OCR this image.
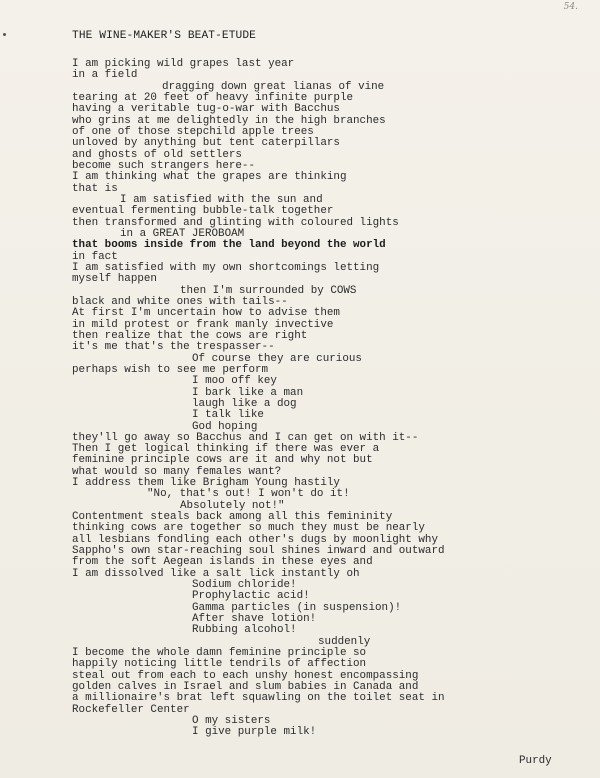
54.
THE WINE-MAKER'S BEAT-ETUDE
I am picking wild grapes last year
in a field
dragging down great lianas of vine
tearing at 20 feet of heavy infinite purple
having a veritable tug-o-war with Bacchus
who grins at me delightedly in the high branches
of one of those stepchild apple trees
unloved by anything but tent caterpillars
and ghosts of old settlers
become such strangers here--
I am thinking what the grapes are thinking
that is
I am satisfied with the sun and
eventual fermenting bubble-talk together
then transformed and glinting with coloured lights
in a GREAT JEROBOAM
that booms inside from the land beyond the world
in fact
I am satisfied with my own shortcomings letting
myself happen
then I'm surrounded by COWS
black and white ones with tails--
At first I'm uncertain how to advise them
in mild protest or frank manly invective
then realize that the cows are right
it's me that's the trespasser--
Of course they are curious
perhaps wish to see me perform
I moo off key
I bark like a man
laugh like a dog
I talk like
God hoping
they'll go away so Bacchus and I can get on with it--
Then I get logical thinking if there was ever a
feminine principle cows are it and why not but
what would so many females want?
I address them like Brigham Young hastily
"No, that's out! I won't do it!
Absolutely not!"
Contentment steals back among all this femininity
thinking cows are together so much they must be nearly
all lesbians fondling each other's dugs by moonlight why
Sappho's own star-reaching soul shines inward and outward
from the soft Aegean islands in these eyes and
I am dissolved like a salt lick instantly oh
Sodium chloride!
Prophylactic acid!
Gamma particles (in suspension)!
After shave lotion!
Rubbing alcohol!
suddenly
I become the whole damn feminine principle so
happily noticing little tendrils of affection
steal out from each to each unshy honest encompassing
golden calves in Israel and slum babies in Canada and
a millionaire's brat left squawling on the toilet seat in
Rockefeller Center
O my sisters
I give purple milk!
Purdy
